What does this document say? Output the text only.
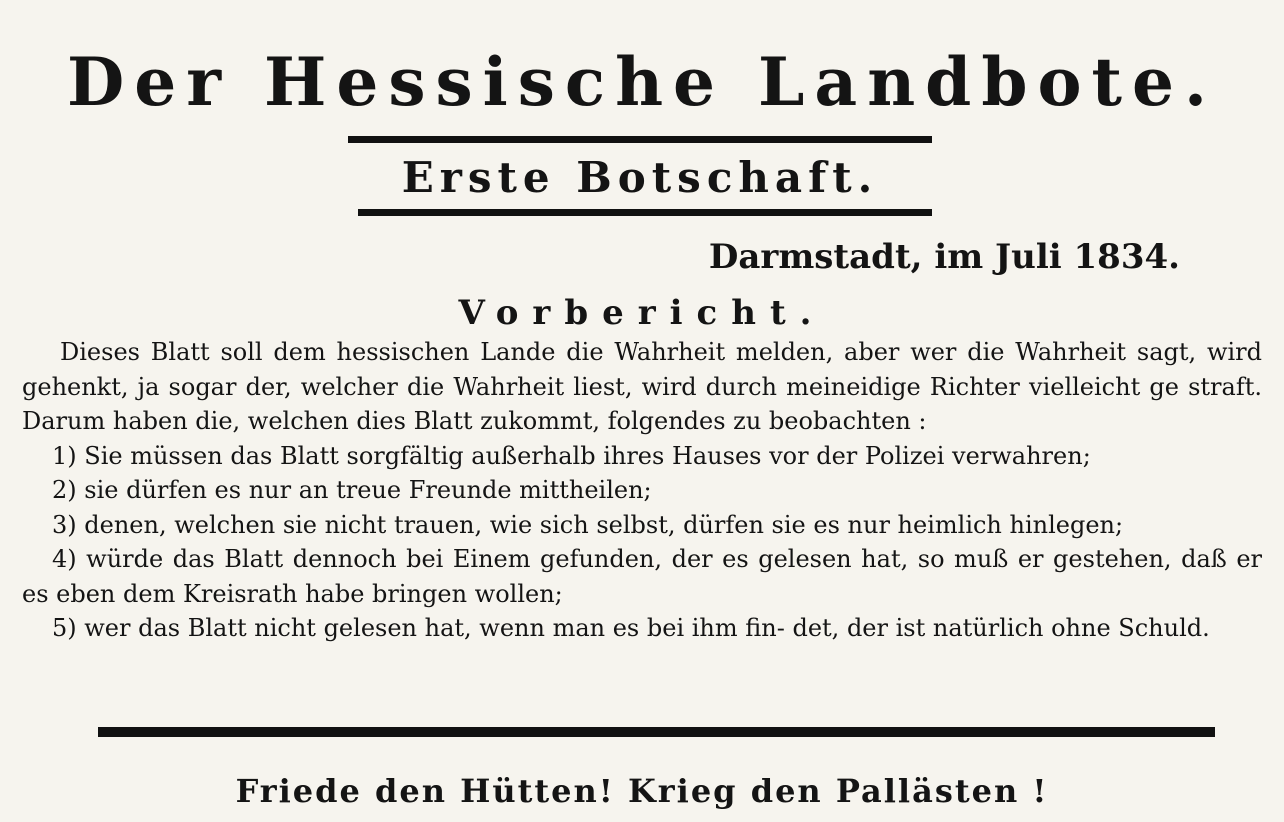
Der Hessische Landbote.
Erste Botschaft.
Darmstadt, im Juli 1834.
Vorbericht.

Dieses Blatt soll dem hessischen Lande die Wahrheit melden, aber wer die Wahrheit sagt, wird gehenkt, ja sogar der, welcher die Wahrheit liest, wird durch meineidige Richter vielleicht ge straft. Darum haben die, welchen dies Blatt zukommt, folgendes zu beobachten :

1) Sie müssen das Blatt sorgfältig außerhalb ihres Hauses vor der Polizei verwahren;
2) sie dürfen es nur an treue Freunde mittheilen;
3) denen, welchen sie nicht trauen, wie sich selbst, dürfen sie es nur heimlich hinlegen;
4) würde das Blatt dennoch bei Einem gefunden, der es gelesen hat, so muß er gestehen, daß er es eben dem Kreisrath habe bringen wollen;
5) wer das Blatt nicht gelesen hat, wenn man es bei ihm fin- det, der ist natürlich ohne Schuld.
Friede den Hütten! Krieg den Pallästen !
